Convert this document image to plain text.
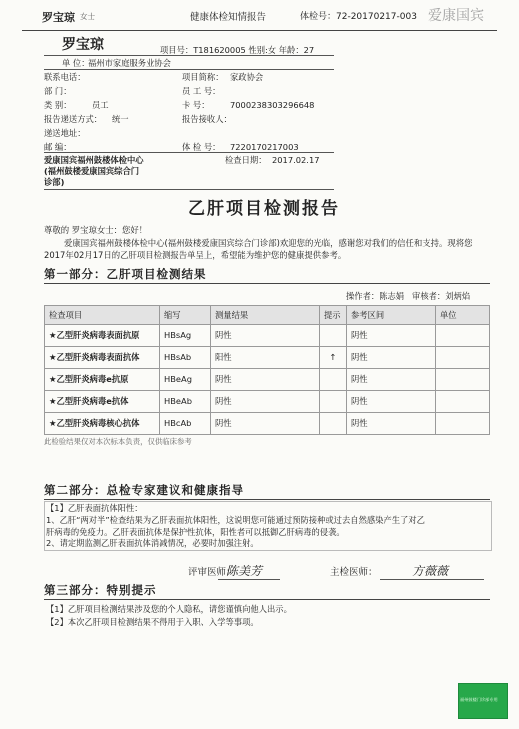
罗宝琼 女士	健康体检知情报告	体检号：72-20170217-003 爱康国宾
罗宝琼	项目号：T181620005 性别:女 年龄：27
单 位：
福州市家庭服务业协会
联系电话：	项目简称： 家政协会
部 门：	员 工 号：
类 别： 员工	卡 号： 7000238303296648
报告递送方式： 统一	报告接收人：
递送地址：
邮 编：	体 检 号： 7220170217003
爱康国宾福州鼓楼体检中心
(福州鼓楼爱康国宾综合门
诊部)
检查日期： 2017.02.17
乙肝项目检测报告
尊敬的 罗宝琼女士：您好！
爱康国宾福州鼓楼体检中心(福州鼓楼爱康国宾综合门诊部)欢迎您的光临，感谢您对我们的信任和支持。现将您2017年02月17日的乙肝项目检测报告单呈上，希望能为维护您的健康提供参考。
第一部分：乙肝项目检测结果
操作者：陈志娟 审核者：刘炳焰
检查项目	缩写	测量结果	提示	参考区间	单位
★乙型肝炎病毒表面抗原	HBsAg	阴性		阴性	
★乙型肝炎病毒表面抗体	HBsAb	阳性	↑	阴性	
★乙型肝炎病毒e抗原	HBeAg	阴性		阴性	
★乙型肝炎病毒e抗体	HBeAb	阴性		阴性	
★乙型肝炎病毒核心抗体	HBcAb	阴性		阴性	
此检验结果仅对本次标本负责，仅供临床参考
第二部分：总检专家建议和健康指导
【1】乙肝表面抗体阳性：
1、乙肝“两对半”检查结果为乙肝表面抗体阳性，这说明您可能通过预防接种或过去自然感染产生了对乙
肝病毒的免疫力。乙肝表面抗体是保护性抗体，阳性者可以抵御乙肝病毒的侵袭。
2、请定期监测乙肝表面抗体消减情况，必要时加强注射。
评审医师：
陈美芳	主检医师：	方薇薇
第三部分：特别提示
【1】乙肝项目检测结果涉及您的个人隐私，请您谨慎向他人出示。
【2】本次乙肝项目检测结果不得用于入职、入学等事项。
福州鼓楼门诊部专用
